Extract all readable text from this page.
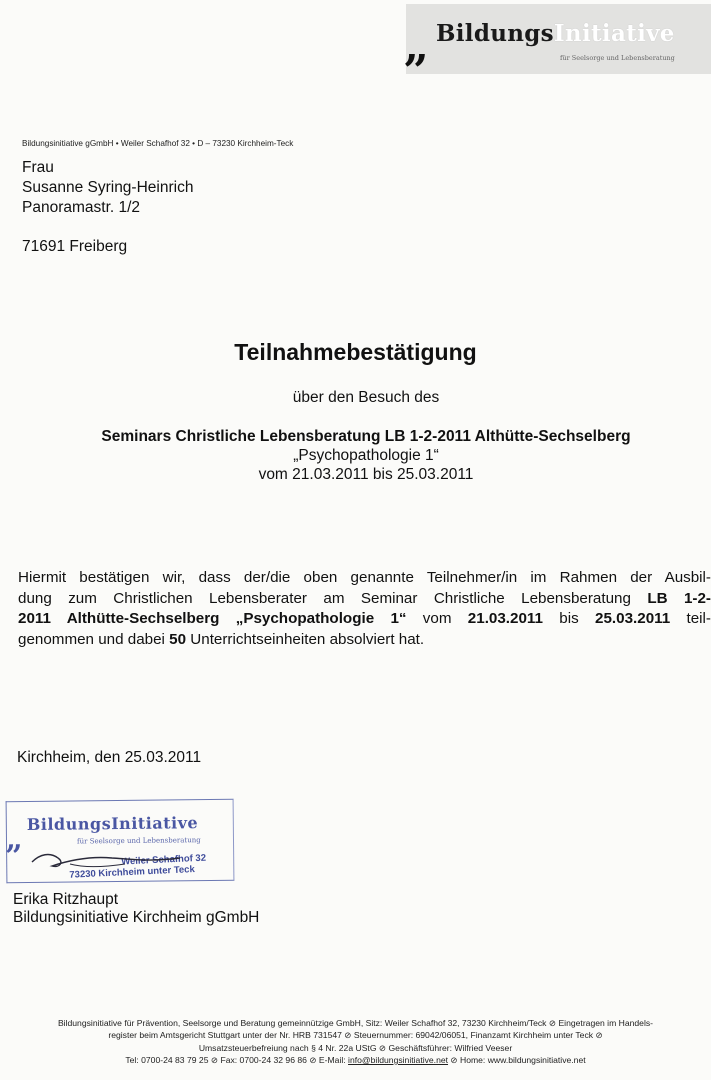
BildungsInitiative
für Seelsorge und Lebensberatung
”
Bildungsinitiative gGmbH • Weiler Schafhof 32 • D – 73230 Kirchheim-Teck
Frau
Susanne Syring-Heinrich
Panoramastr. 1/2
71691 Freiberg
Teilnahmebestätigung
über den Besuch des
Seminars Christliche Lebensberatung LB 1-2-2011 Althütte-Sechselberg
„Psychopathologie 1“
vom 21.03.2011 bis 25.03.2011
Hiermit bestätigen wir, dass der/die oben genannte Teilnehmer/in im Rahmen der Ausbil-
dung zum Christlichen Lebensberater am Seminar Christliche Lebensberatung LB 1-2-
2011 Althütte-Sechselberg „Psychopathologie 1“ vom 21.03.2011 bis 25.03.2011 teil-
genommen und dabei 50 Unterrichtseinheiten absolviert hat.
Kirchheim, den 25.03.2011
BildungsInitiative
für Seelsorge und Lebensberatung
”	Weiler Schafhof 32
73230 Kirchheim unter Teck
Erika Ritzhaupt
Bildungsinitiative Kirchheim gGmbH
Bildungsinitiative für Prävention, Seelsorge und Beratung gemeinnützige GmbH, Sitz: Weiler Schafhof 32, 73230 Kirchheim/Teck ⊘ Eingetragen im Handels-
register beim Amtsgericht Stuttgart unter der Nr. HRB 731547 ⊘ Steuernummer: 69042/06051, Finanzamt Kirchheim unter Teck ⊘
Umsatzsteuerbefreiung nach § 4 Nr. 22a UStG ⊘ Geschäftsführer: Wilfried Veeser
Tel: 0700-24 83 79 25 ⊘ Fax: 0700-24 32 96 86 ⊘ E-Mail: info@bildungsinitiative.net ⊘ Home: www.bildungsinitiative.net
